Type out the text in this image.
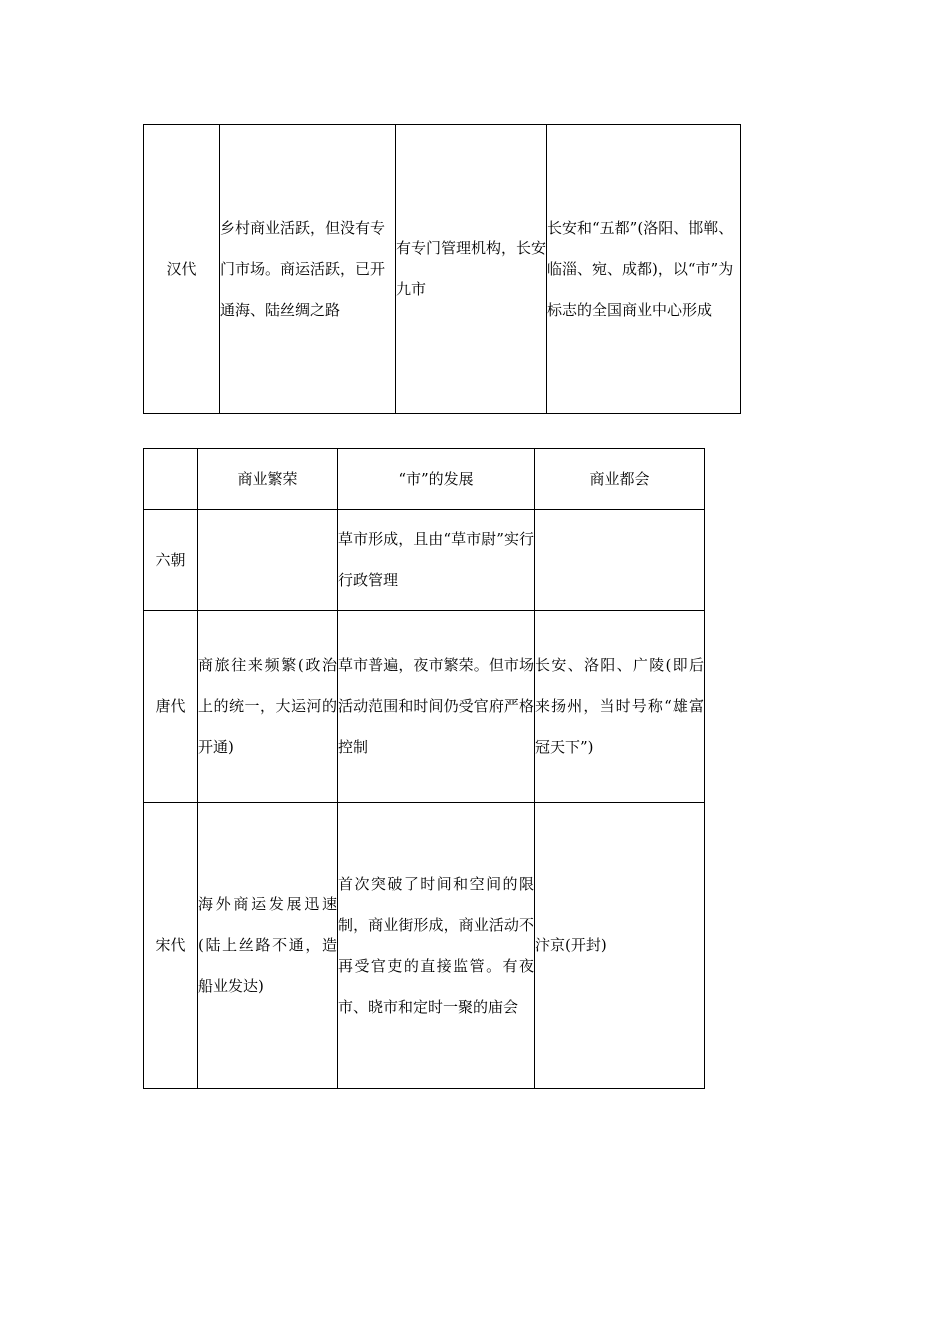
汉代	乡村商业活跃，但没有专门市场。商运活跃，已开通海、陆丝绸之路	有专门管理机构，长安九市	长安和“五都”(洛阳、邯郸、临淄、宛、成都)，以“市”为标志的全国商业中心形成
	商业繁荣	“市”的发展	商业都会
六朝		草市形成，且由“草市尉”实行行政管理	
唐代	商旅往来频繁(政治上的统一，大运河的开通)	草市普遍，夜市繁荣。但市场活动范围和时间仍受官府严格控制	长安、洛阳、广陵(即后来扬州，当时号称“雄富冠天下”)
宋代	海外商运发展迅速(陆上丝路不通，造船业发达)	首次突破了时间和空间的限制，商业街形成，商业活动不再受官吏的直接监管。有夜市、晓市和定时一聚的庙会	汴京(开封)
